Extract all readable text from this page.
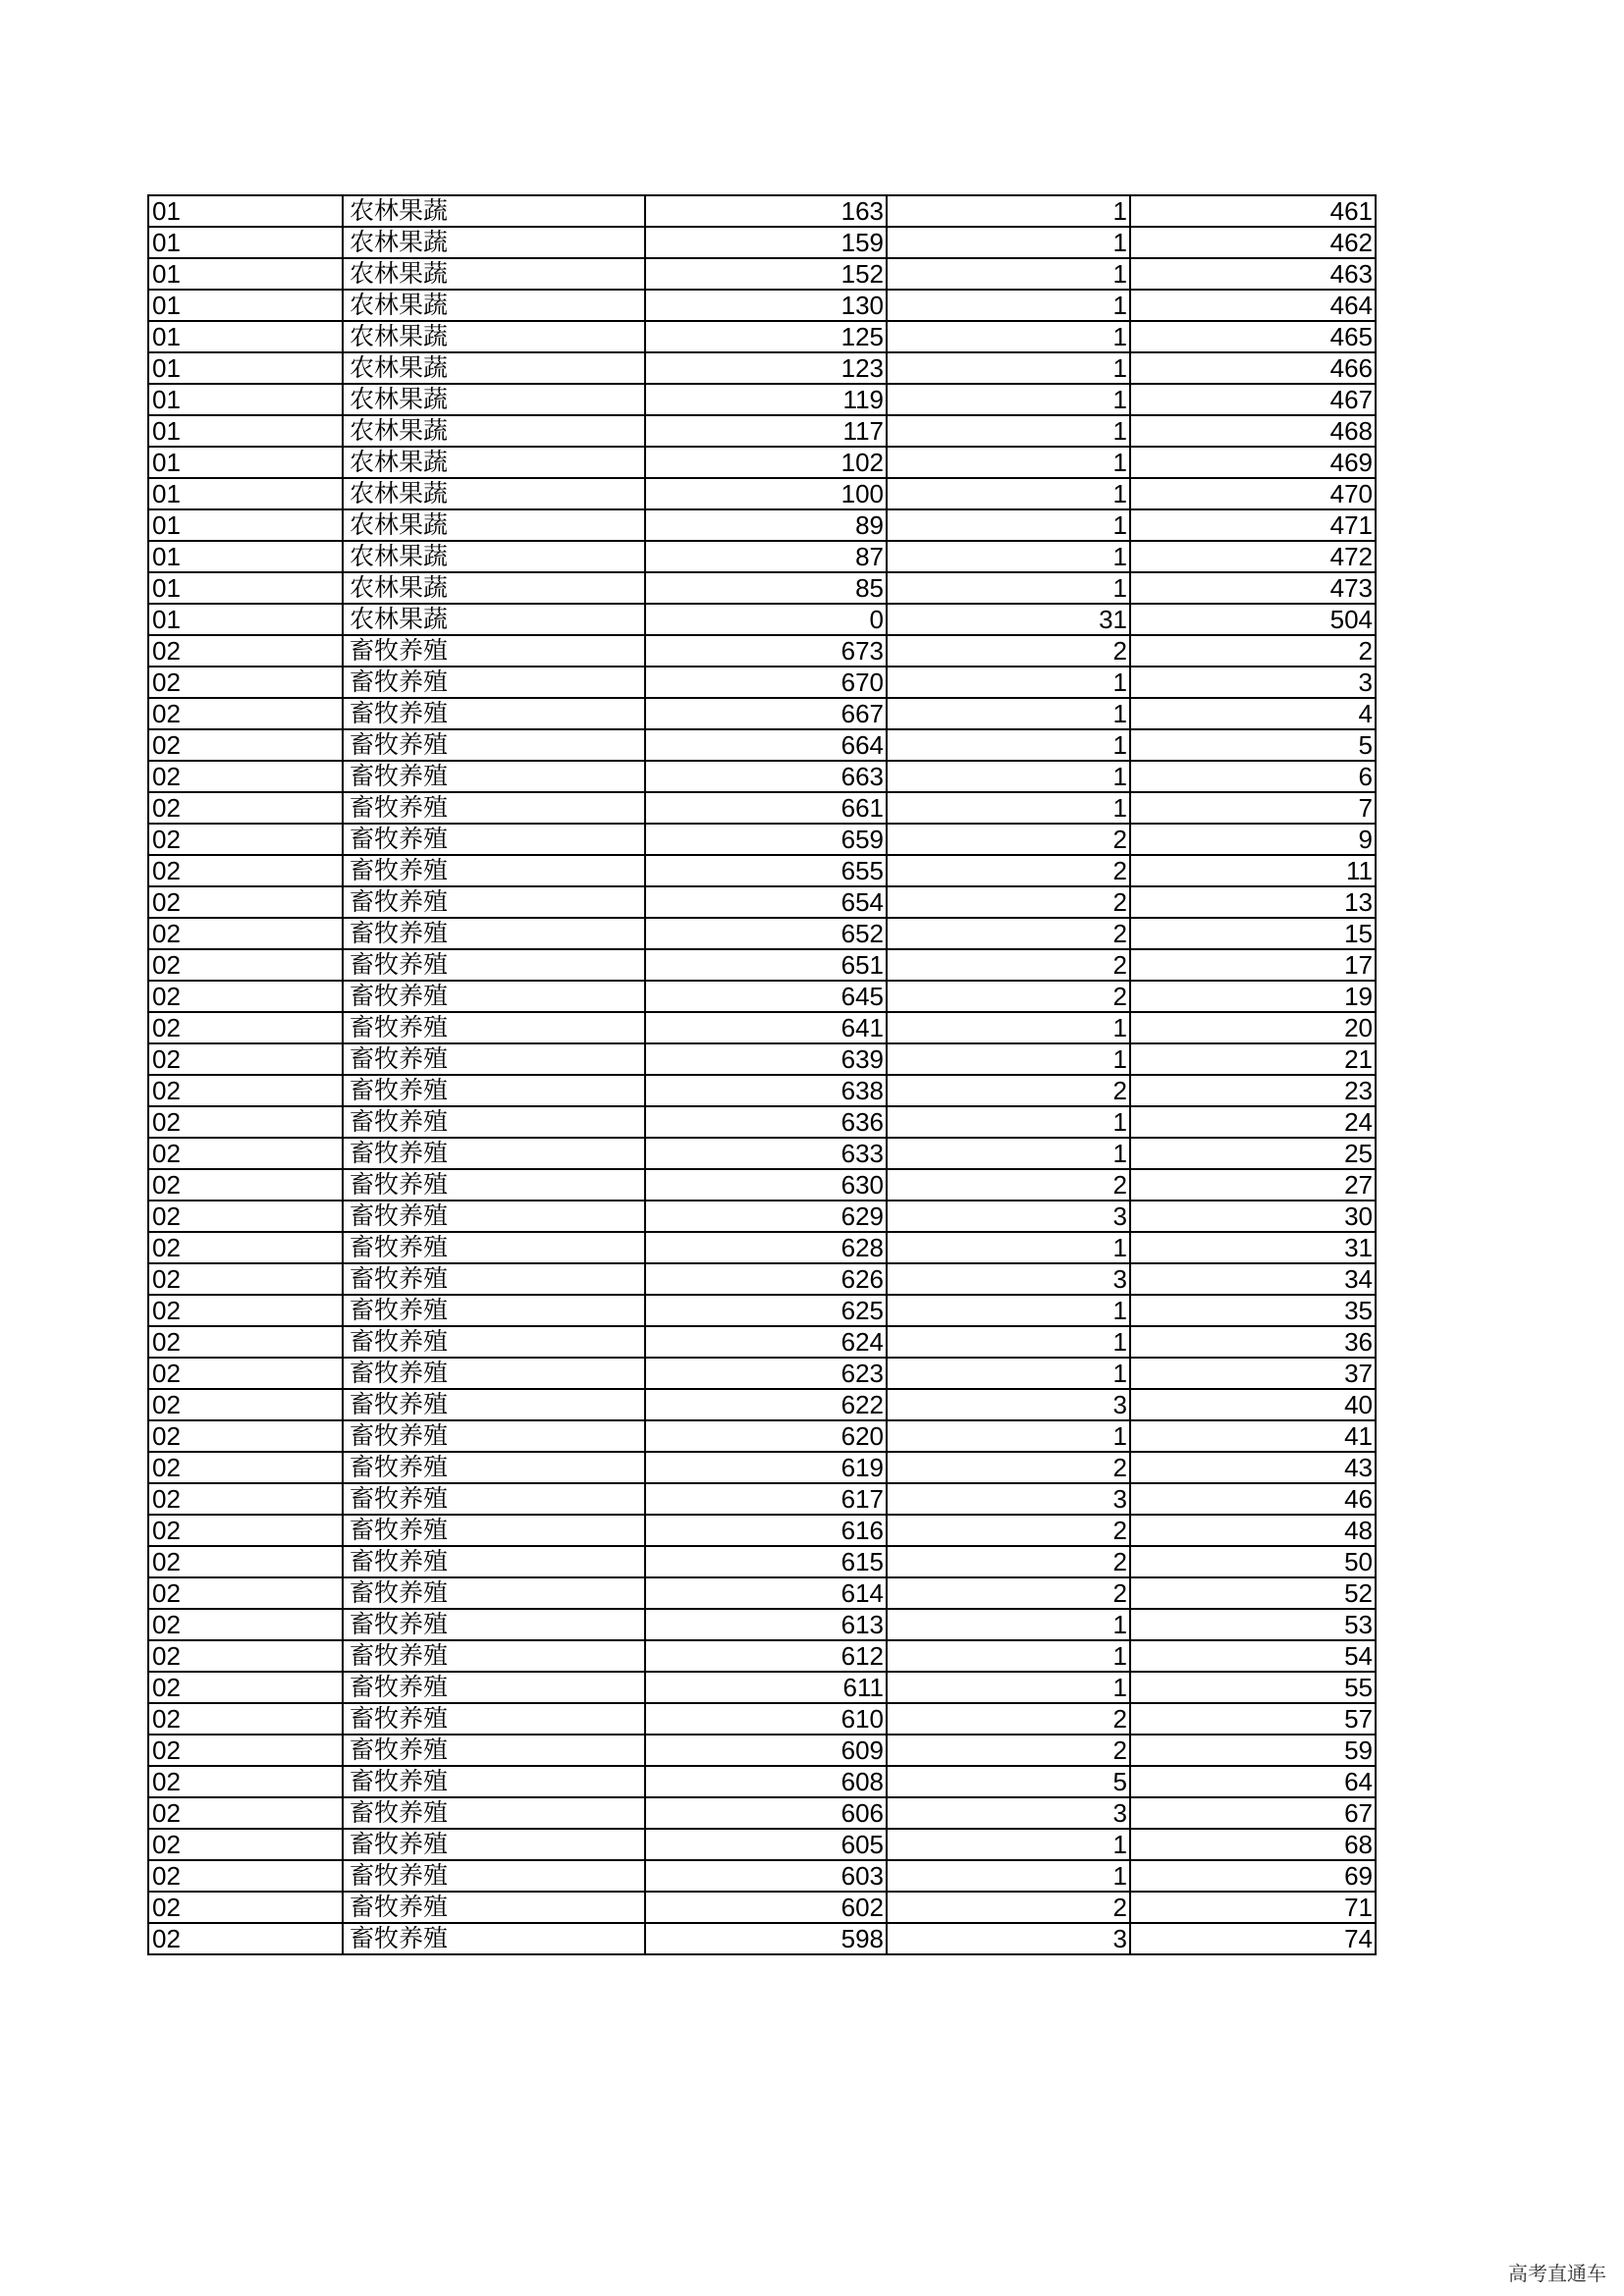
01	农林果蔬	163	1	461
01	农林果蔬	159	1	462
01	农林果蔬	152	1	463
01	农林果蔬	130	1	464
01	农林果蔬	125	1	465
01	农林果蔬	123	1	466
01	农林果蔬	119	1	467
01	农林果蔬	117	1	468
01	农林果蔬	102	1	469
01	农林果蔬	100	1	470
01	农林果蔬	89	1	471
01	农林果蔬	87	1	472
01	农林果蔬	85	1	473
01	农林果蔬	0	31	504
02	畜牧养殖	673	2	2
02	畜牧养殖	670	1	3
02	畜牧养殖	667	1	4
02	畜牧养殖	664	1	5
02	畜牧养殖	663	1	6
02	畜牧养殖	661	1	7
02	畜牧养殖	659	2	9
02	畜牧养殖	655	2	11
02	畜牧养殖	654	2	13
02	畜牧养殖	652	2	15
02	畜牧养殖	651	2	17
02	畜牧养殖	645	2	19
02	畜牧养殖	641	1	20
02	畜牧养殖	639	1	21
02	畜牧养殖	638	2	23
02	畜牧养殖	636	1	24
02	畜牧养殖	633	1	25
02	畜牧养殖	630	2	27
02	畜牧养殖	629	3	30
02	畜牧养殖	628	1	31
02	畜牧养殖	626	3	34
02	畜牧养殖	625	1	35
02	畜牧养殖	624	1	36
02	畜牧养殖	623	1	37
02	畜牧养殖	622	3	40
02	畜牧养殖	620	1	41
02	畜牧养殖	619	2	43
02	畜牧养殖	617	3	46
02	畜牧养殖	616	2	48
02	畜牧养殖	615	2	50
02	畜牧养殖	614	2	52
02	畜牧养殖	613	1	53
02	畜牧养殖	612	1	54
02	畜牧养殖	611	1	55
02	畜牧养殖	610	2	57
02	畜牧养殖	609	2	59
02	畜牧养殖	608	5	64
02	畜牧养殖	606	3	67
02	畜牧养殖	605	1	68
02	畜牧养殖	603	1	69
02	畜牧养殖	602	2	71
02	畜牧养殖	598	3	74
高考直通车
